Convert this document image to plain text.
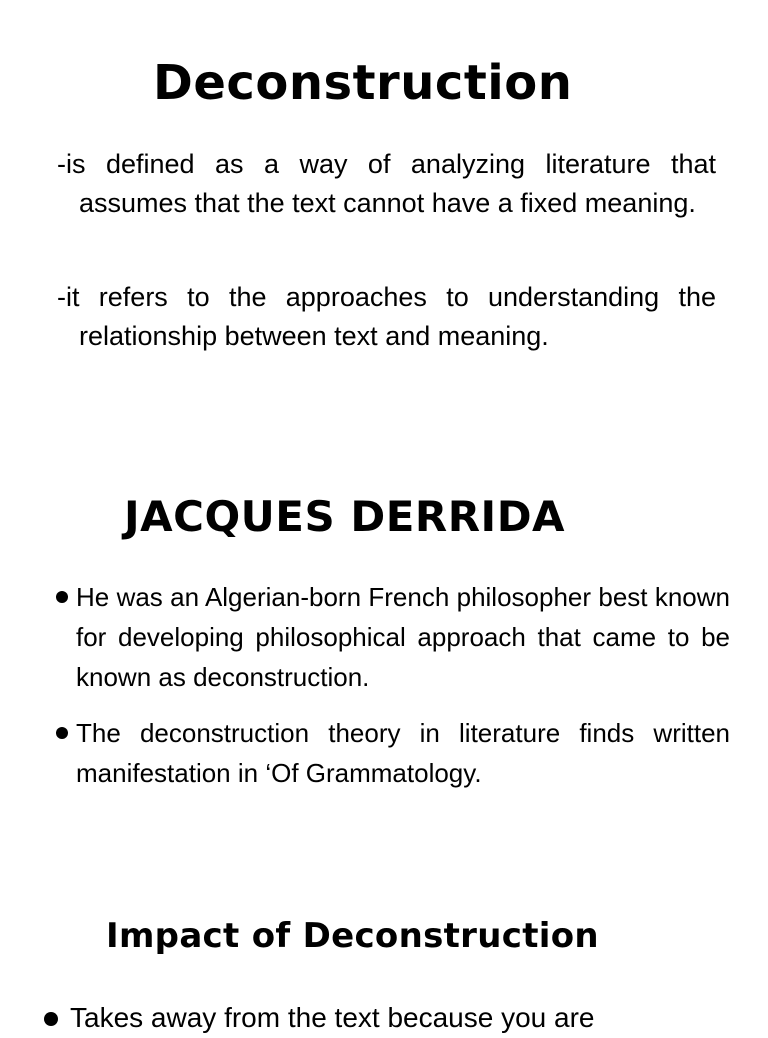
Deconstruction
-is defined as a way of analyzing literature that assumes that the text cannot have a fixed meaning.
-it refers to the approaches to understanding the relationship between text and meaning.
JACQUES DERRIDA
He was an Algerian-born French philosopher best known for developing philosophical approach that came to be known as deconstruction.
The deconstruction theory in literature finds written manifestation in ‘Of Grammatology.
Impact of Deconstruction
Takes away from the text because you are
